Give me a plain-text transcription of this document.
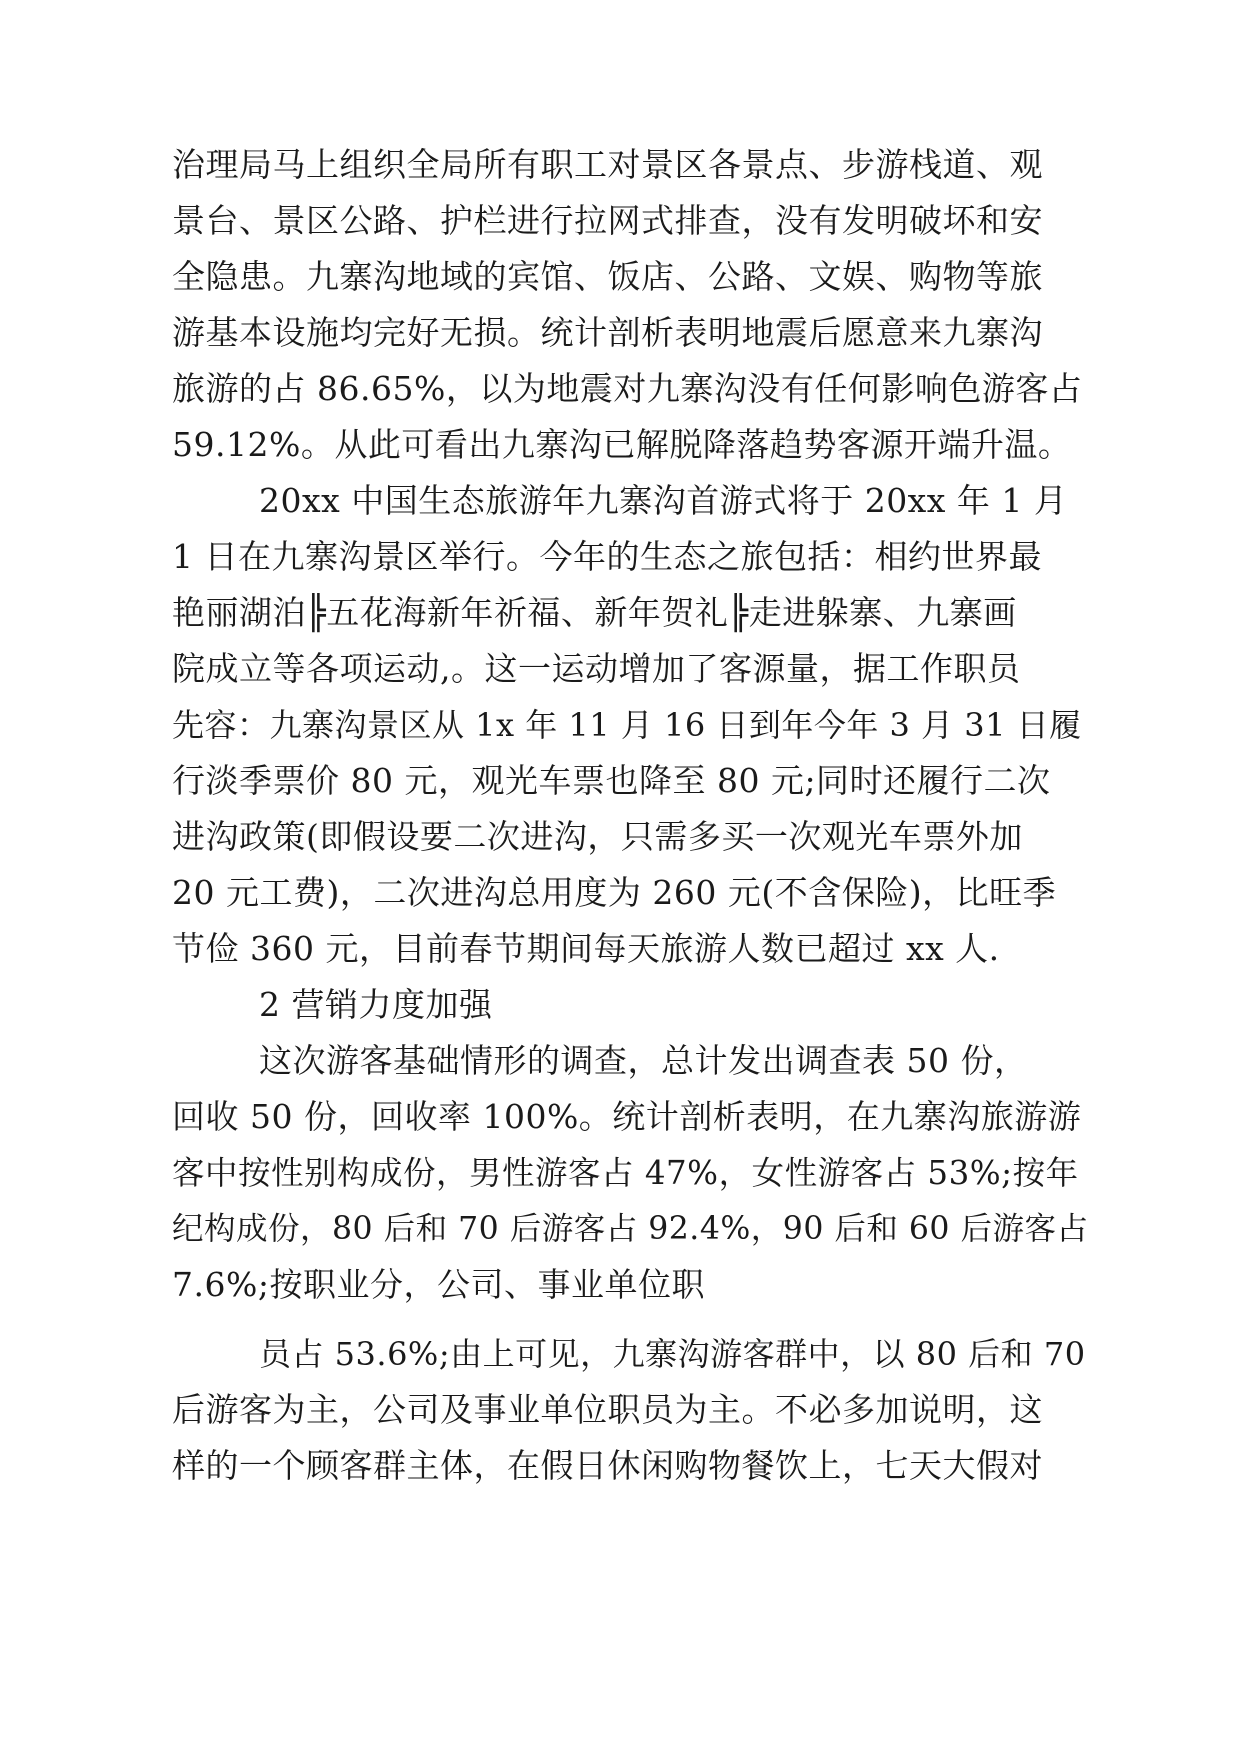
治理局马上组织全局所有职工对景区各景点、步游栈道、观
景台、景区公路、护栏进行拉网式排查，没有发明破坏和安
全隐患。九寨沟地域的宾馆、饭店、公路、文娱、购物等旅
游基本设施均完好无损。统计剖析表明地震后愿意来九寨沟
旅游的占 86.65%，以为地震对九寨沟没有任何影响色游客占
59.12%。从此可看出九寨沟已解脱降落趋势客源开端升温。
20xx 中国生态旅游年九寨沟首游式将于 20xx 年 1 月
1 日在九寨沟景区举行。今年的生态之旅包括：相约世界最
艳丽湖泊╠五花海新年祈福、新年贺礼╠走进躲寨、九寨画
院成立等各项运动,。这一运动增加了客源量，据工作职员
先容：九寨沟景区从 1x 年 11 月 16 日到年今年 3 月 31 日履
行淡季票价 80 元，观光车票也降至 80 元;同时还履行二次
进沟政策(即假设要二次进沟，只需多买一次观光车票外加
20 元工费)，二次进沟总用度为 260 元(不含保险)，比旺季
节俭 360 元，目前春节期间每天旅游人数已超过 xx 人.
2 营销力度加强
这次游客基础情形的调查，总计发出调查表 50 份，
回收 50 份，回收率 100%。统计剖析表明，在九寨沟旅游游
客中按性别构成份，男性游客占 47%，女性游客占 53%;按年
纪构成份，80 后和 70 后游客占 92.4%，90 后和 60 后游客占
7.6%;按职业分，公司、事业单位职
员占 53.6%;由上可见，九寨沟游客群中，以 80 后和 70
后游客为主，公司及事业单位职员为主。不必多加说明，这
样的一个顾客群主体，在假日休闲购物餐饮上，七天大假对
